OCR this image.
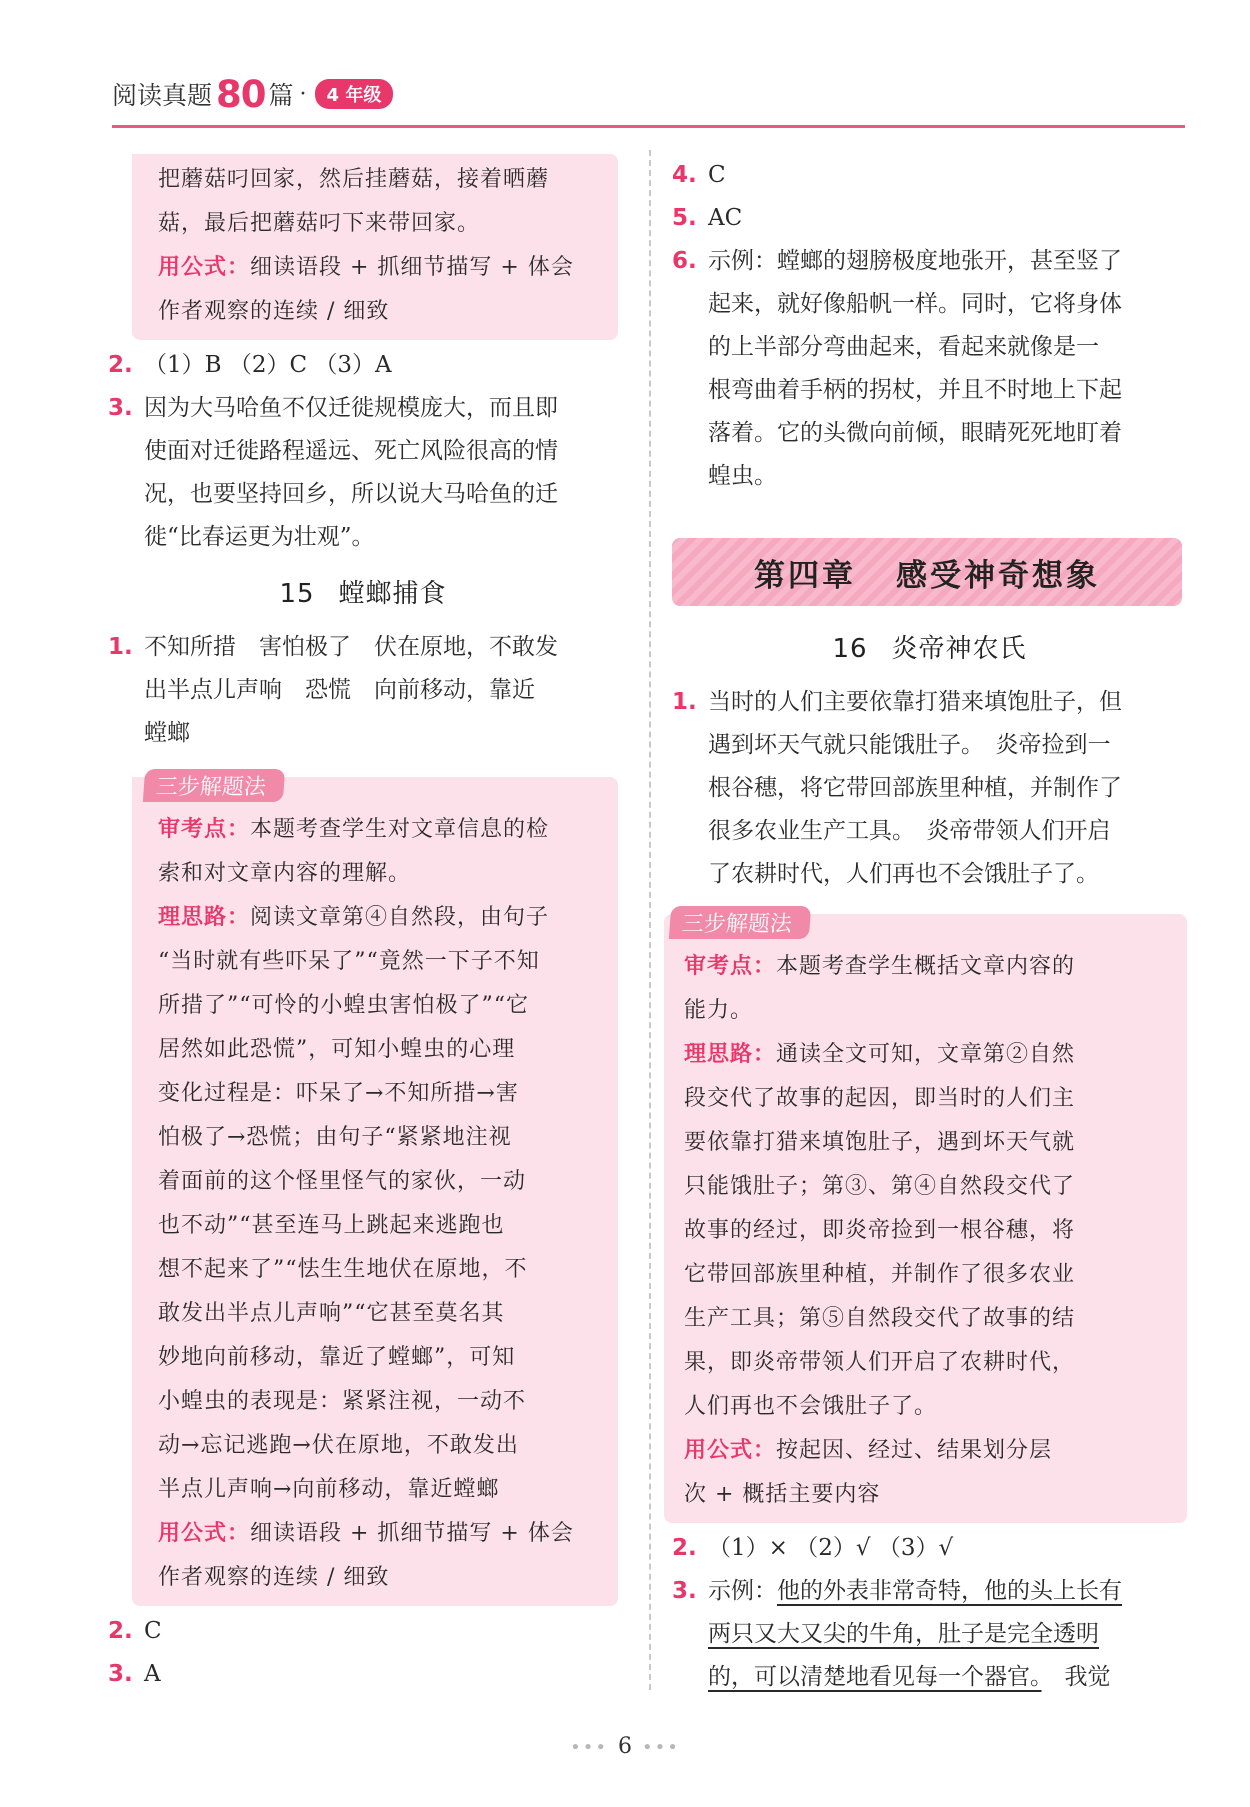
阅读真题 80 篇 ·	4 年级
把蘑菇叼回家，然后挂蘑菇，接着晒蘑
菇，最后把蘑菇叼下来带回家。
用公式：细读语段 + 抓细节描写 + 体会
作者观察的连续 / 细致
2. （1）B （2）C （3）A
3. 因为大马哈鱼不仅迁徙规模庞大，而且即
使面对迁徙路程遥远、死亡风险很高的情
况，也要坚持回乡，所以说大马哈鱼的迁
徙“比春运更为壮观”。
15 螳螂捕食
1. 不知所措　害怕极了　伏在原地，不敢发
出半点儿声响　恐慌　向前移动，靠近
螳螂
三步解题法
审考点：本题考查学生对文章信息的检
索和对文章内容的理解。
理思路：阅读文章第④自然段，由句子
“当时就有些吓呆了”“竟然一下子不知
所措了”“可怜的小蝗虫害怕极了”“它
居然如此恐慌”，可知小蝗虫的心理
变化过程是：吓呆了→不知所措→害
怕极了→恐慌；由句子“紧紧地注视
着面前的这个怪里怪气的家伙，一动
也不动”“甚至连马上跳起来逃跑也
想不起来了”“怯生生地伏在原地，不
敢发出半点儿声响”“它甚至莫名其
妙地向前移动，靠近了螳螂”，可知
小蝗虫的表现是：紧紧注视，一动不
动→忘记逃跑→伏在原地，不敢发出
半点儿声响→向前移动，靠近螳螂
用公式：细读语段 + 抓细节描写 + 体会
作者观察的连续 / 细致
2. C
3. A
4. C
5. AC
6. 示例：螳螂的翅膀极度地张开，甚至竖了
起来，就好像船帆一样。同时，它将身体
的上半部分弯曲起来，看起来就像是一
根弯曲着手柄的拐杖，并且不时地上下起
落着。它的头微向前倾，眼睛死死地盯着
蝗虫。
第四章 感受神奇想象
16 炎帝神农氏
1. 当时的人们主要依靠打猎来填饱肚子，但
遇到坏天气就只能饿肚子。　炎帝捡到一
根谷穗，将它带回部族里种植，并制作了
很多农业生产工具。　炎帝带领人们开启
了农耕时代，人们再也不会饿肚子了。
三步解题法
审考点：本题考查学生概括文章内容的
能力。
理思路：通读全文可知，文章第②自然
段交代了故事的起因，即当时的人们主
要依靠打猎来填饱肚子，遇到坏天气就
只能饿肚子；第③、第④自然段交代了
故事的经过，即炎帝捡到一根谷穗，将
它带回部族里种植，并制作了很多农业
生产工具；第⑤自然段交代了故事的结
果，即炎帝带领人们开启了农耕时代，
人们再也不会饿肚子了。
用公式：按起因、经过、结果划分层
次 + 概括主要内容
2. （1）× （2）√ （3）√
3. 示例：他的外表非常奇特，他的头上长有
两只又大又尖的牛角，肚子是完全透明
的，可以清楚地看见每一个器官。　 我觉
••• 6 •••
